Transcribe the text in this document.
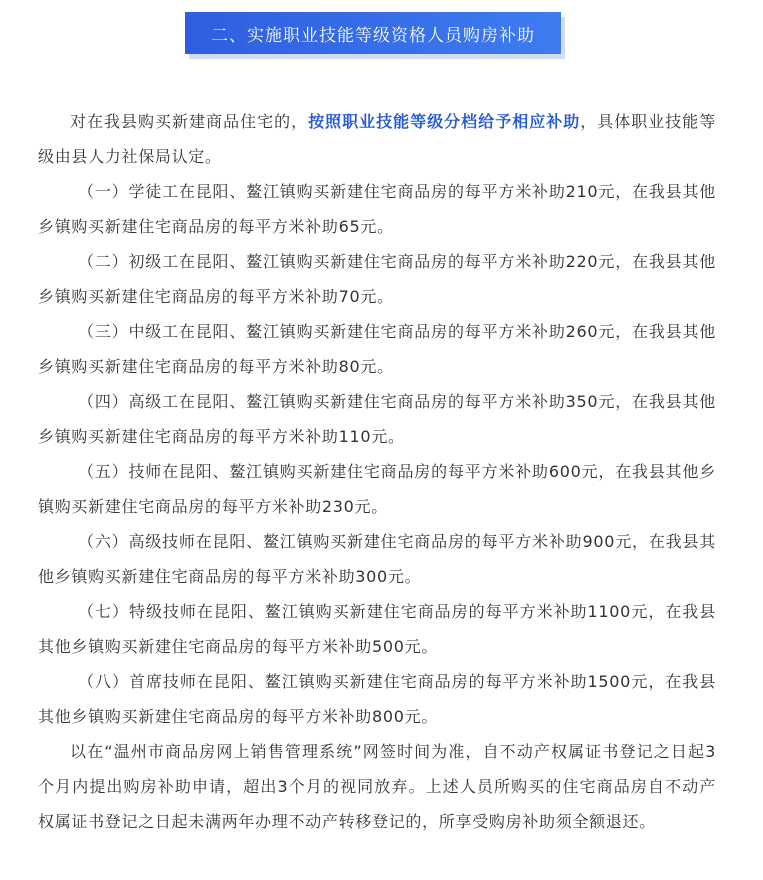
二、实施职业技能等级资格人员购房补助

对在我县购买新建商品住宅的，按照职业技能等级分档给予相应补助，具体职业技能等级由县人力社保局认定。

（一）学徒工在昆阳、鳌江镇购买新建住宅商品房的每平方米补助210元，在我县其他乡镇购买新建住宅商品房的每平方米补助65元。

（二）初级工在昆阳、鳌江镇购买新建住宅商品房的每平方米补助220元，在我县其他乡镇购买新建住宅商品房的每平方米补助70元。

（三）中级工在昆阳、鳌江镇购买新建住宅商品房的每平方米补助260元，在我县其他乡镇购买新建住宅商品房的每平方米补助80元。

（四）高级工在昆阳、鳌江镇购买新建住宅商品房的每平方米补助350元，在我县其他乡镇购买新建住宅商品房的每平方米补助110元。

（五）技师在昆阳、鳌江镇购买新建住宅商品房的每平方米补助600元，在我县其他乡镇购买新建住宅商品房的每平方米补助230元。

（六）高级技师在昆阳、鳌江镇购买新建住宅商品房的每平方米补助900元，在我县其他乡镇购买新建住宅商品房的每平方米补助300元。

（七）特级技师在昆阳、鳌江镇购买新建住宅商品房的每平方米补助1100元，在我县其他乡镇购买新建住宅商品房的每平方米补助500元。

（八）首席技师在昆阳、鳌江镇购买新建住宅商品房的每平方米补助1500元，在我县其他乡镇购买新建住宅商品房的每平方米补助800元。

以在“温州市商品房网上销售管理系统”网签时间为准，自不动产权属证书登记之日起3个月内提出购房补助申请，超出3个月的视同放弃。上述人员所购买的住宅商品房自不动产权属证书登记之日起未满两年办理不动产转移登记的，所享受购房补助须全额退还。
